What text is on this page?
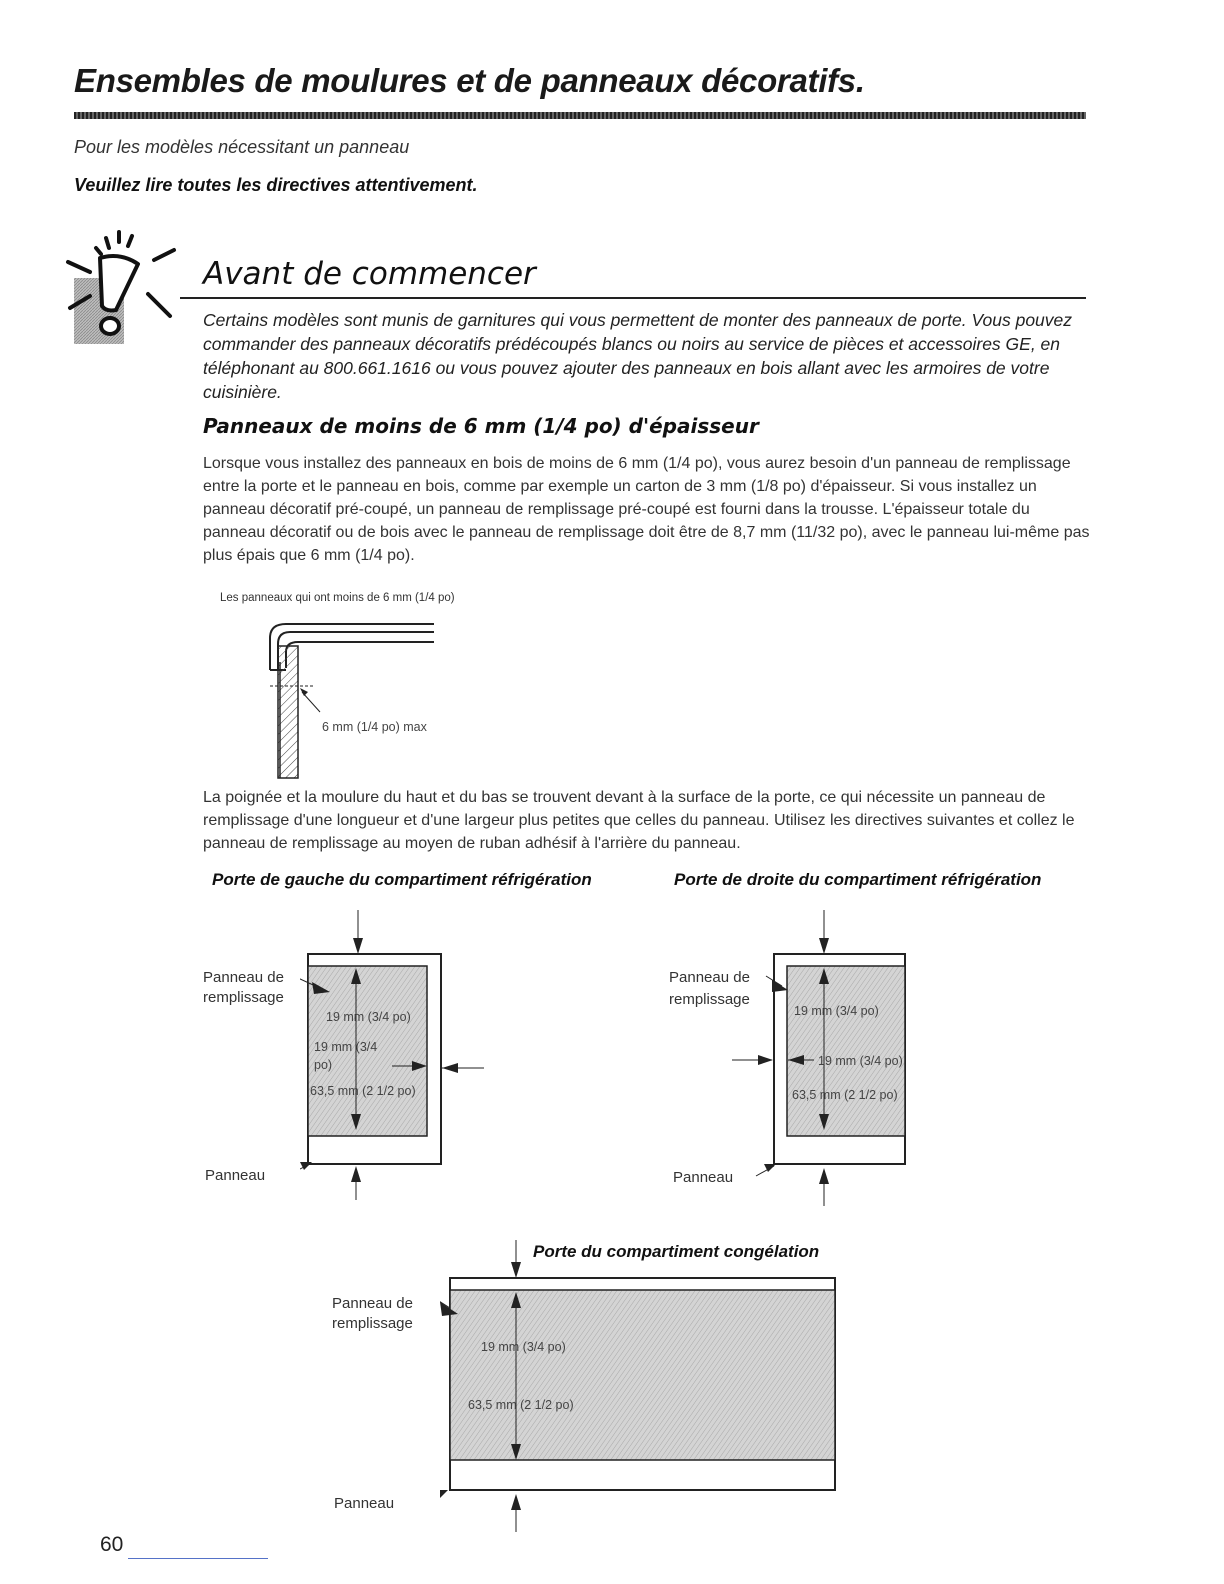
Ensembles de moulures et de panneaux décoratifs.
Pour les modèles nécessitant un panneau
Veuillez lire toutes les directives attentivement.
Avant de commencer
Certains modèles sont munis de garnitures qui vous permettent de monter des panneaux de porte. Vous pouvez commander des panneaux décoratifs prédécoupés blancs ou noirs au service de pièces et accessoires GE, en téléphonant au 800.661.1616 ou vous pouvez ajouter des panneaux en bois allant avec les armoires de votre cuisinière.
Panneaux de moins de 6 mm (1/4 po) d'épaisseur
Lorsque vous installez des panneaux en bois de moins de 6 mm (1/4 po), vous aurez besoin d'un panneau de remplissage entre la porte et le panneau en bois, comme par exemple un carton de 3 mm (1/8 po) d'épaisseur. Si vous installez un panneau décoratif pré-coupé, un panneau de remplissage pré-coupé est fourni dans la trousse. L'épaisseur totale du panneau décoratif ou de bois avec le panneau de remplissage doit être de 8,7 mm (11/32 po), avec le panneau lui-même pas plus épais que 6 mm (1/4 po).
Les panneaux qui ont moins de 6 mm (1/4 po)
6 mm (1/4 po) max
La poignée et la moulure du haut et du bas se trouvent devant à la surface de la porte, ce qui nécessite un panneau de remplissage d'une longueur et d'une largeur plus petites que celles du panneau. Utilisez les directives suivantes et collez le panneau de remplissage au moyen de ruban adhésif à l'arrière du panneau.
Porte de gauche du compartiment réfrigération	Porte de droite du compartiment réfrigération
Panneau de
remplissage
Panneau
19 mm (3/4 po)
19 mm (3/4
po)
63,5 mm (2 1/2 po)
Panneau de
remplissage
Panneau
19 mm (3/4 po)
19 mm (3/4 po)
63,5 mm (2 1/2 po)
Porte du compartiment congélation
Panneau de
remplissage
Panneau
19 mm (3/4 po)
63,5 mm (2 1/2 po)
60
